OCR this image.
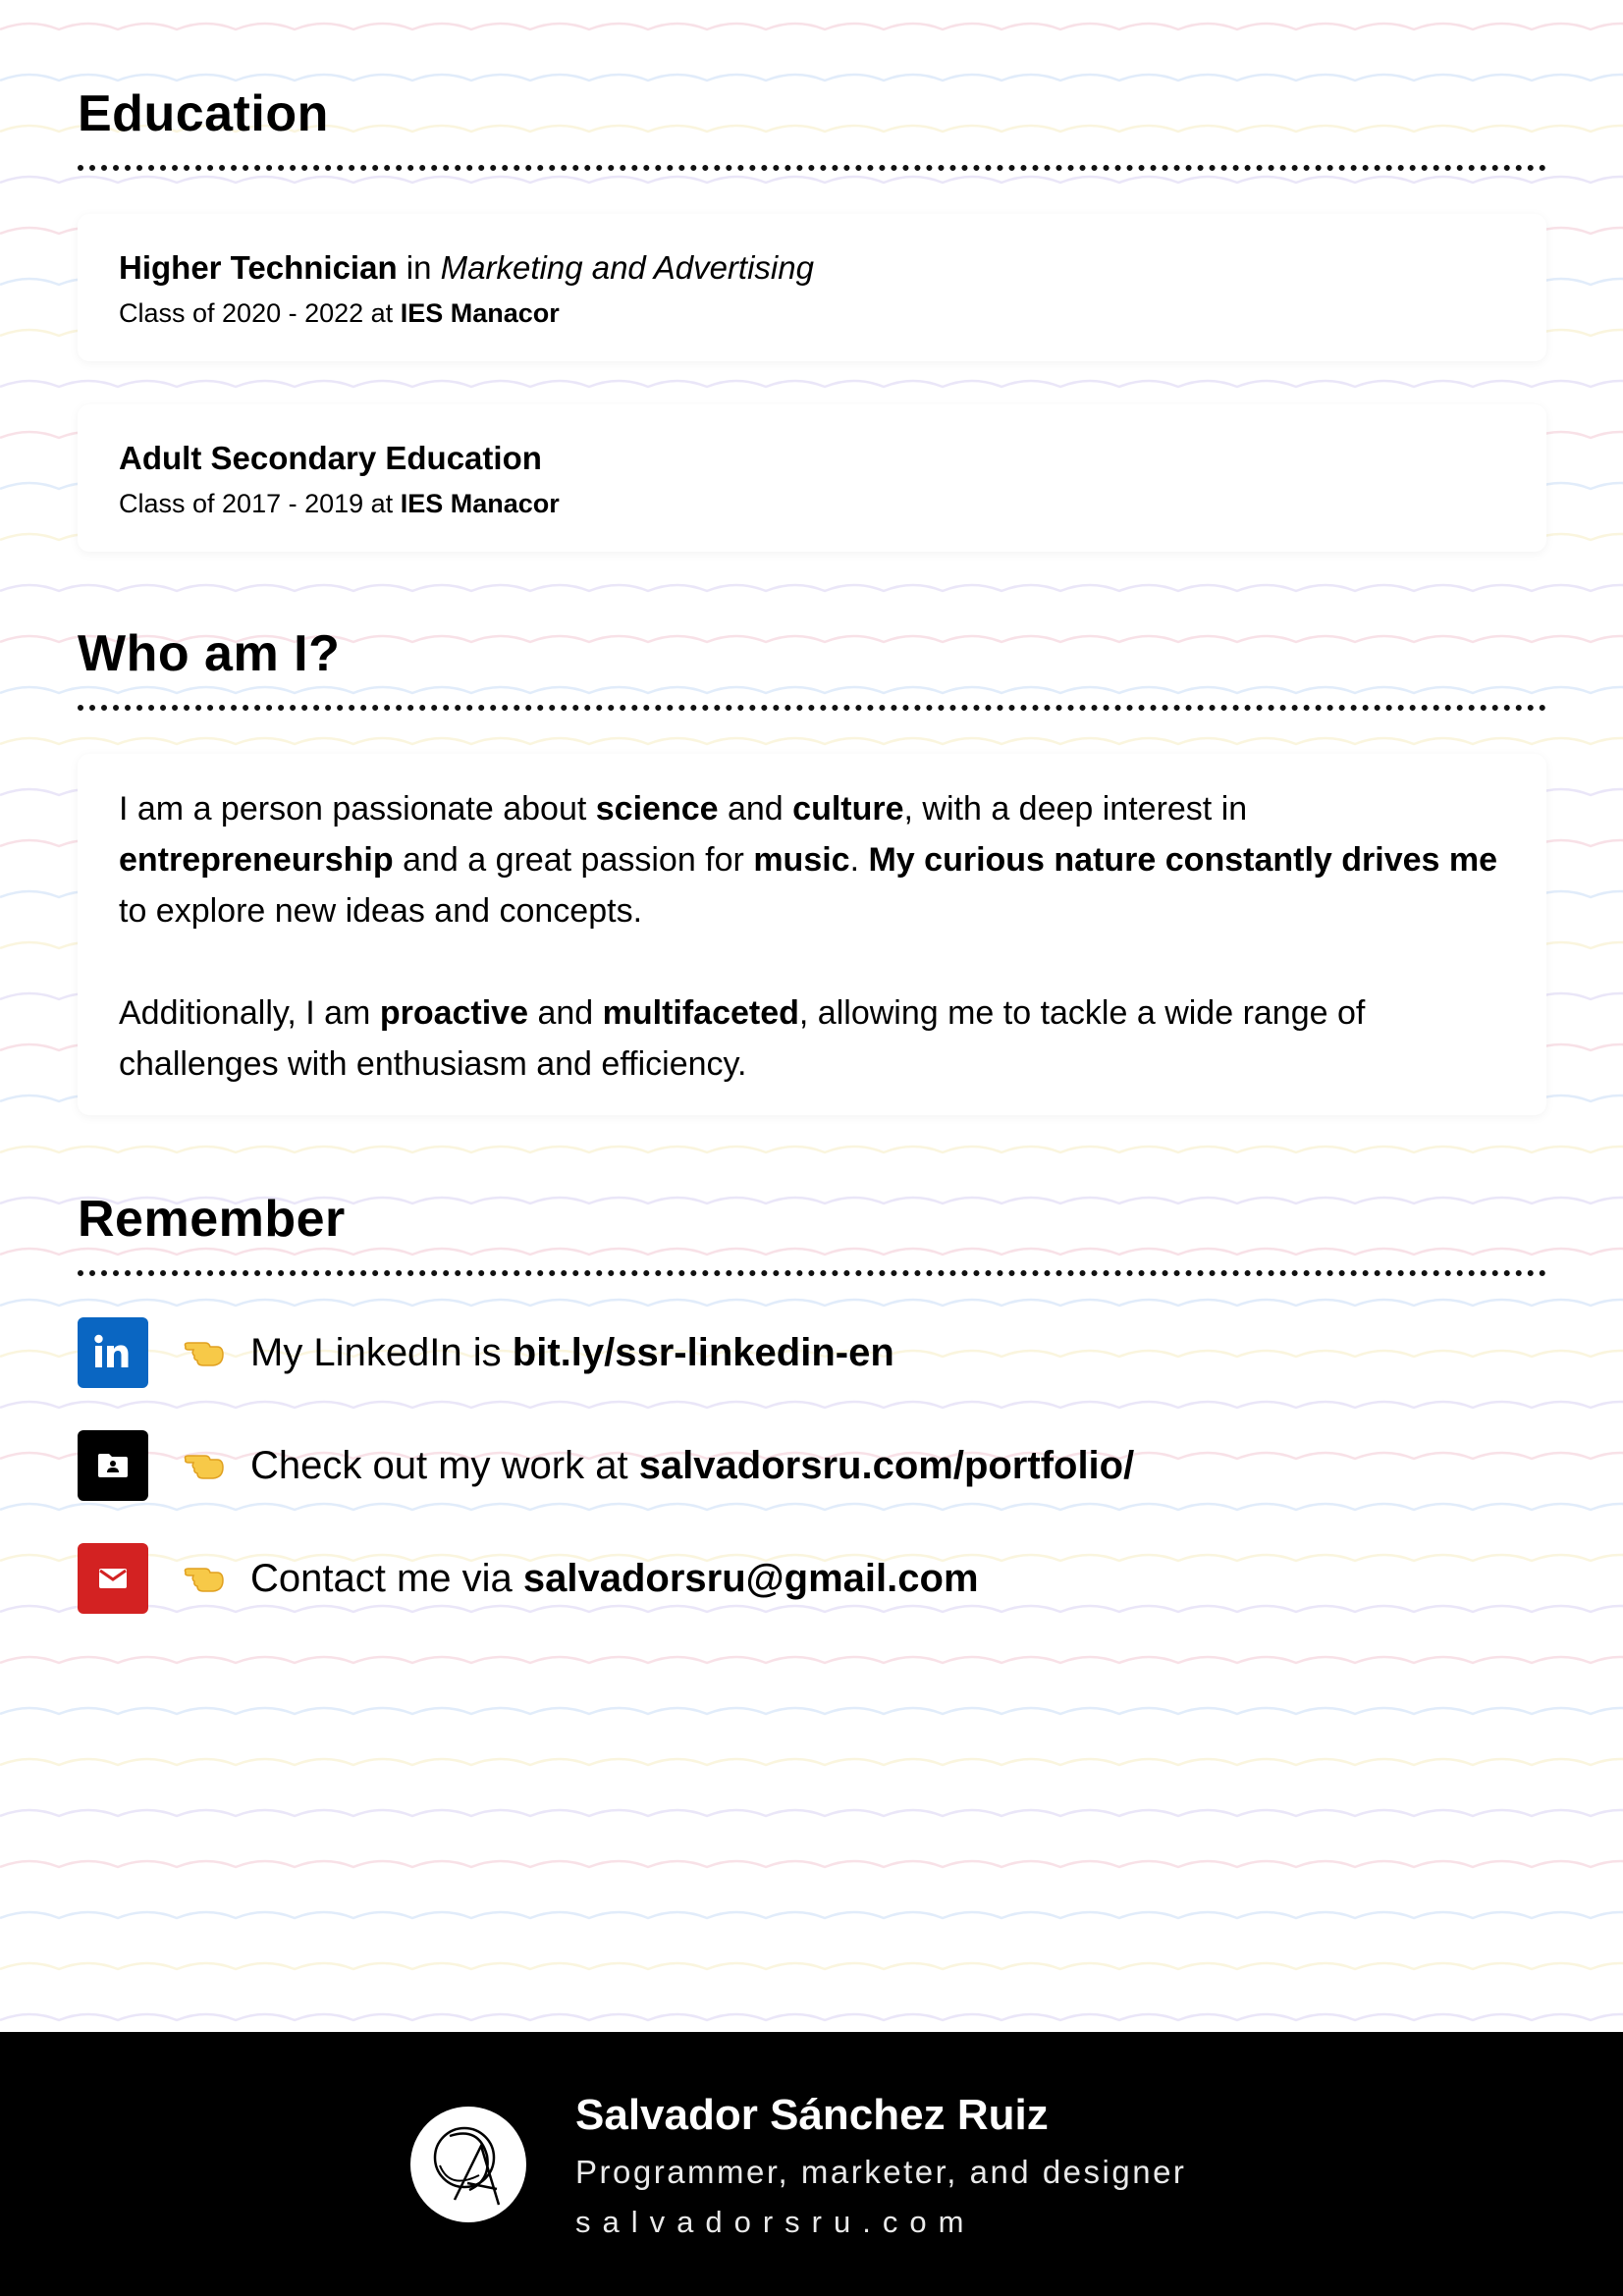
Education
Higher Technician in Marketing and Advertising
Class of 2020 - 2022 at IES Manacor
Adult Secondary Education
Class of 2017 - 2019 at IES Manacor
Who am I?

I am a person passionate about science and culture, with a deep interest in entrepreneurship and a great passion for music. My curious nature constantly drives me to explore new ideas and concepts.

Additionally, I am proactive and multifaceted, allowing me to tackle a wide range of challenges with enthusiasm and efficiency.

Remember
My LinkedIn is bit.ly/ssr-linkedin-en
Check out my work at salvadorsru.com/portfolio/
Contact me via salvadorsru@gmail.com
Salvador Sánchez Ruiz
Programmer, marketer, and designer
salvadorsru.com
